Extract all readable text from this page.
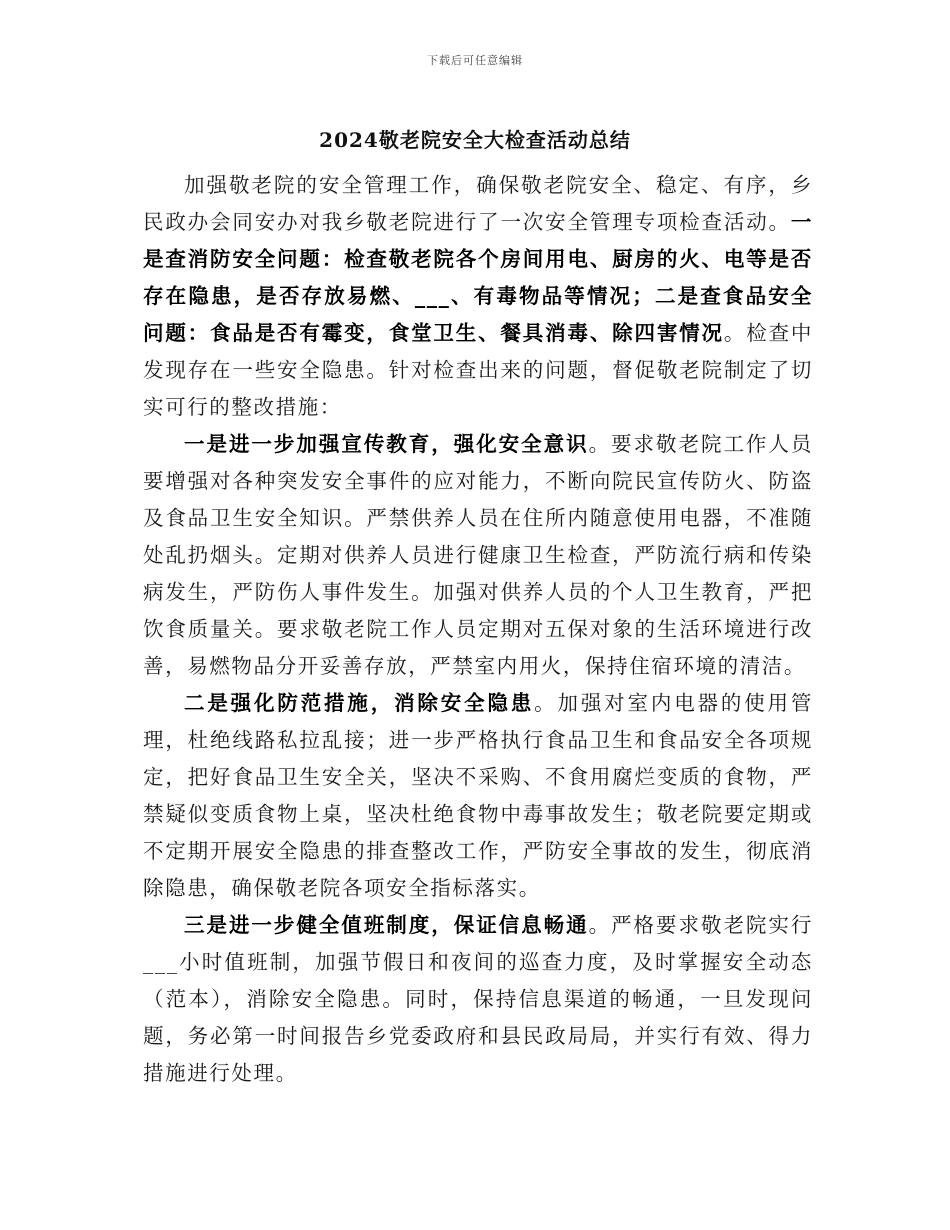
下载后可任意编辑
2024敬老院安全大检查活动总结

加强敬老院的安全管理工作，确保敬老院安全、稳定、有序，乡民政办会同安办对我乡敬老院进行了一次安全管理专项检查活动。一是查消防安全问题：检查敬老院各个房间用电、厨房的火、电等是否存在隐患，是否存放易燃、___、有毒物品等情况；二是查食品安全问题：食品是否有霉变，食堂卫生、餐具消毒、除四害情况。检查中发现存在一些安全隐患。针对检查出来的问题，督促敬老院制定了切实可行的整改措施：

一是进一步加强宣传教育，强化安全意识。要求敬老院工作人员要增强对各种突发安全事件的应对能力，不断向院民宣传防火、防盗及食品卫生安全知识。严禁供养人员在住所内随意使用电器，不准随处乱扔烟头。定期对供养人员进行健康卫生检查，严防流行病和传染病发生，严防伤人事件发生。加强对供养人员的个人卫生教育，严把饮食质量关。要求敬老院工作人员定期对五保对象的生活环境进行改善，易燃物品分开妥善存放，严禁室内用火，保持住宿环境的清洁。

二是强化防范措施，消除安全隐患。加强对室内电器的使用管理，杜绝线路私拉乱接；进一步严格执行食品卫生和食品安全各项规定，把好食品卫生安全关，坚决不采购、不食用腐烂变质的食物，严禁疑似变质食物上桌，坚决杜绝食物中毒事故发生；敬老院要定期或不定期开展安全隐患的排查整改工作，严防安全事故的发生，彻底消除隐患，确保敬老院各项安全指标落实。

三是进一步健全值班制度，保证信息畅通。严格要求敬老院实行___小时值班制，加强节假日和夜间的巡查力度，及时掌握安全动态（范本），消除安全隐患。同时，保持信息渠道的畅通，一旦发现问题，务必第一时间报告乡党委政府和县民政局局，并实行有效、得力措施进行处理。
